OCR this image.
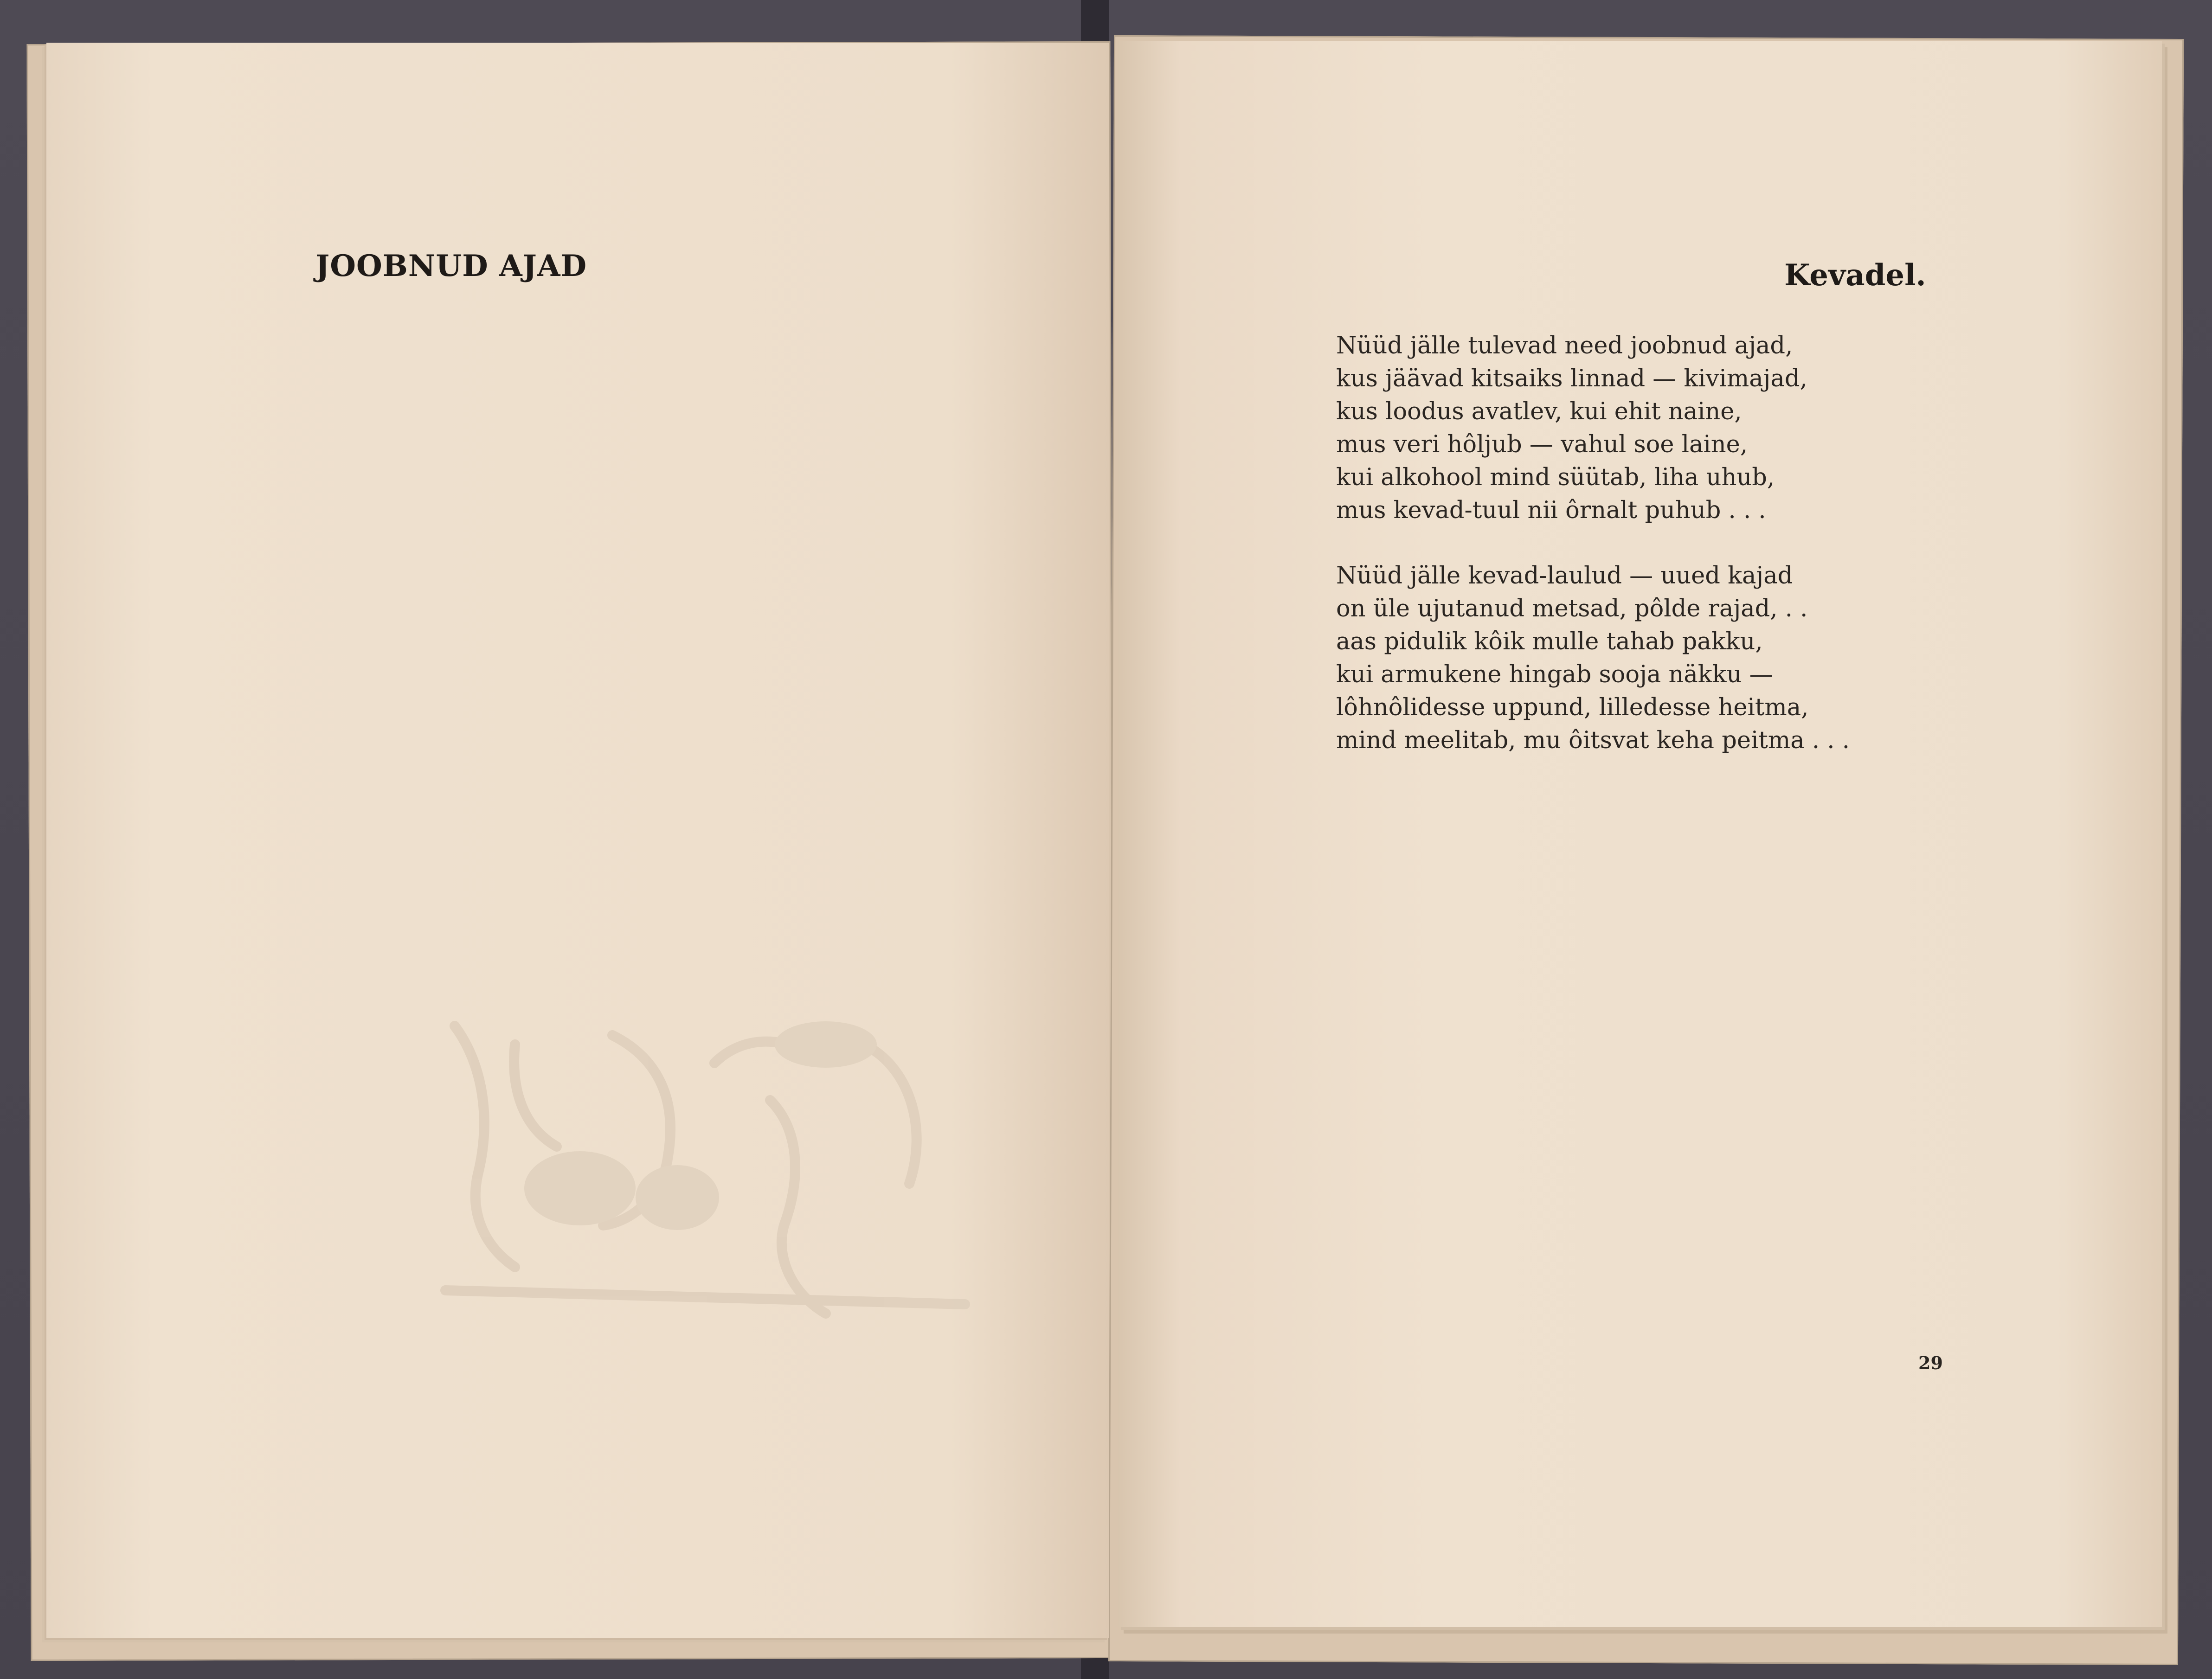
JOOBNUD AJAD	Kevadel.
Nüüd jälle tulevad need joobnud ajad,
kus jäävad kitsaiks linnad — kivimajad,
kus loodus avatlev, kui ehit naine,
mus veri hôljub — vahul soe laine,
kui alkohool mind süütab, liha uhub,
mus kevad-tuul nii ôrnalt puhub . . .
Nüüd jälle kevad-laulud — uued kajad
on üle ujutanud metsad, pôlde rajad, . .
aas pidulik kôik mulle tahab pakku,
kui armukene hingab sooja näkku —
lôhnôlidesse uppund, lilledesse heitma,
mind meelitab, mu ôitsvat keha peitma . . .

29
